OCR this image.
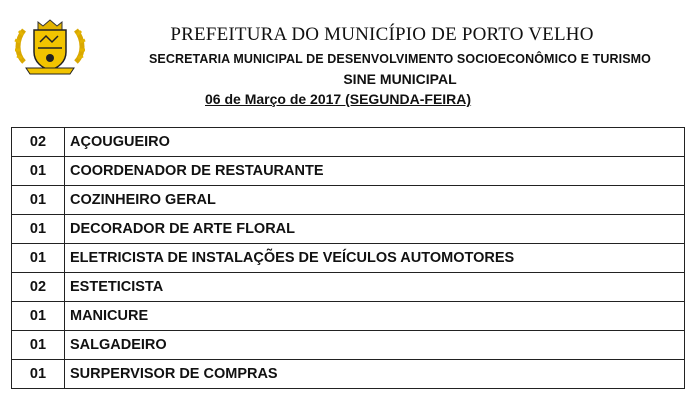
PREFEITURA DO MUNICÍPIO DE PORTO VELHO
SECRETARIA MUNICIPAL DE DESENVOLVIMENTO SOCIOECONÔMICO E TURISMO
SINE MUNICIPAL
06 de Março de 2017 (SEGUNDA-FEIRA)
02	AÇOUGUEIRO
01	COORDENADOR DE RESTAURANTE
01	COZINHEIRO GERAL
01	DECORADOR DE ARTE FLORAL
01	ELETRICISTA DE INSTALAÇÕES DE VEÍCULOS AUTOMOTORES
02	ESTETICISTA
01	MANICURE
01	SALGADEIRO
01	SURPERVISOR DE COMPRAS
